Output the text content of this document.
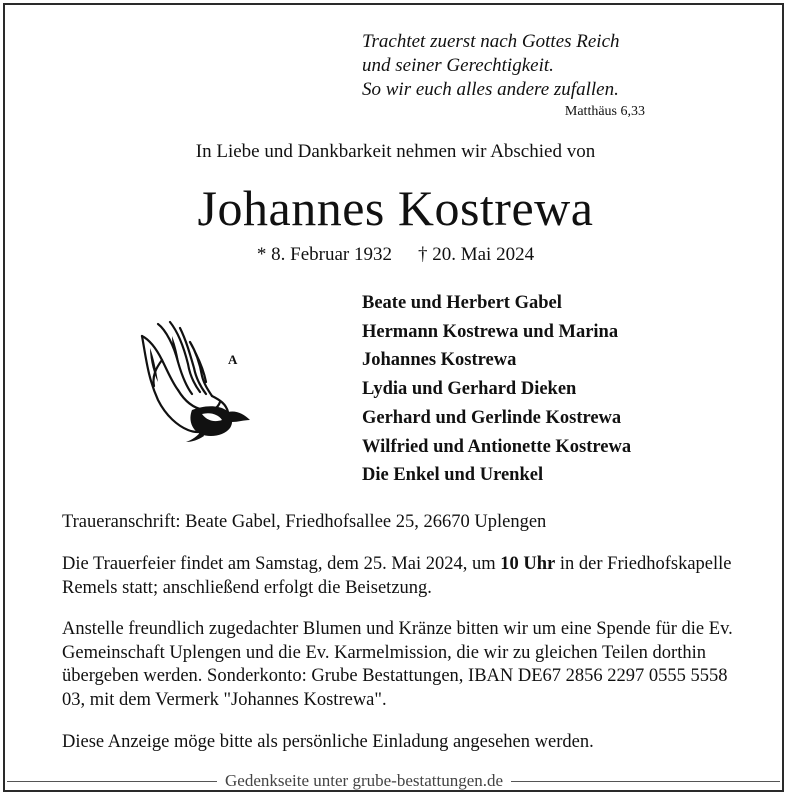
Trachtet zuerst nach Gottes Reich
und seiner Gerechtigkeit.
So wir euch alles andere zufallen.
Matthäus 6,33
In Liebe und Dankbarkeit nehmen wir Abschied von
Johannes Kostrewa
* 8. Februar 1932 † 20. Mai 2024
A
Beate und Herbert Gabel
Hermann Kostrewa und Marina
Johannes Kostrewa
Lydia und Gerhard Dieken
Gerhard und Gerlinde Kostrewa
Wilfried und Antionette Kostrewa
Die Enkel und Urenkel
Traueranschrift: Beate Gabel, Friedhofsallee 25, 26670 Uplengen
Die Trauerfeier findet am Samstag, dem 25. Mai 2024, um 10 Uhr in der Friedhofskapelle Remels statt; anschließend erfolgt die Beisetzung.
Anstelle freundlich zugedachter Blumen und Kränze bitten wir um eine Spende für die Ev. Gemeinschaft Uplengen und die Ev. Karmelmission, die wir zu gleichen Teilen dorthin übergeben werden. Sonderkonto: Grube Bestattungen, IBAN DE67 2856 2297 0555 5558 03, mit dem Vermerk "Johannes Kostrewa".
Diese Anzeige möge bitte als persönliche Einladung angesehen werden.
Gedenkseite unter grube-bestattungen.de
